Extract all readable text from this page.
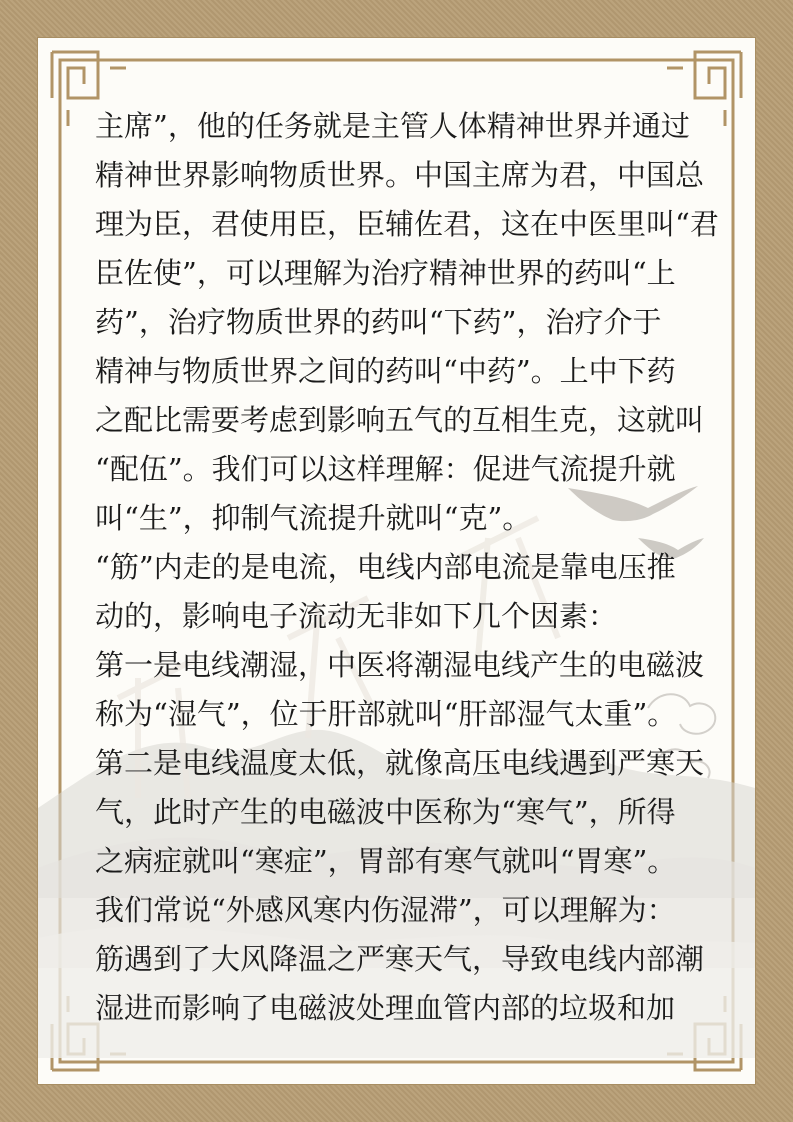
主席”，他的任务就是主管人体精神世界并通过
精神世界影响物质世界。中国主席为君，中国总
理为臣，君使用臣，臣辅佐君，这在中医里叫“君
臣佐使”，可以理解为治疗精神世界的药叫“上
药”，治疗物质世界的药叫“下药”，治疗介于
精神与物质世界之间的药叫“中药”。上中下药
之配比需要考虑到影响五气的互相生克，这就叫
“配伍”。我们可以这样理解：促进气流提升就
叫“生”，抑制气流提升就叫“克”。
“筋”内走的是电流，电线内部电流是靠电压推
动的，影响电子流动无非如下几个因素：
第一是电线潮湿，中医将潮湿电线产生的电磁波
称为“湿气”，位于肝部就叫“肝部湿气太重”。
第二是电线温度太低，就像高压电线遇到严寒天
气，此时产生的电磁波中医称为“寒气”，所得
之病症就叫“寒症”，胃部有寒气就叫“胃寒”。
我们常说“外感风寒内伤湿滞”，可以理解为：
筋遇到了大风降温之严寒天气，导致电线内部潮
湿进而影响了电磁波处理血管内部的垃圾和加
